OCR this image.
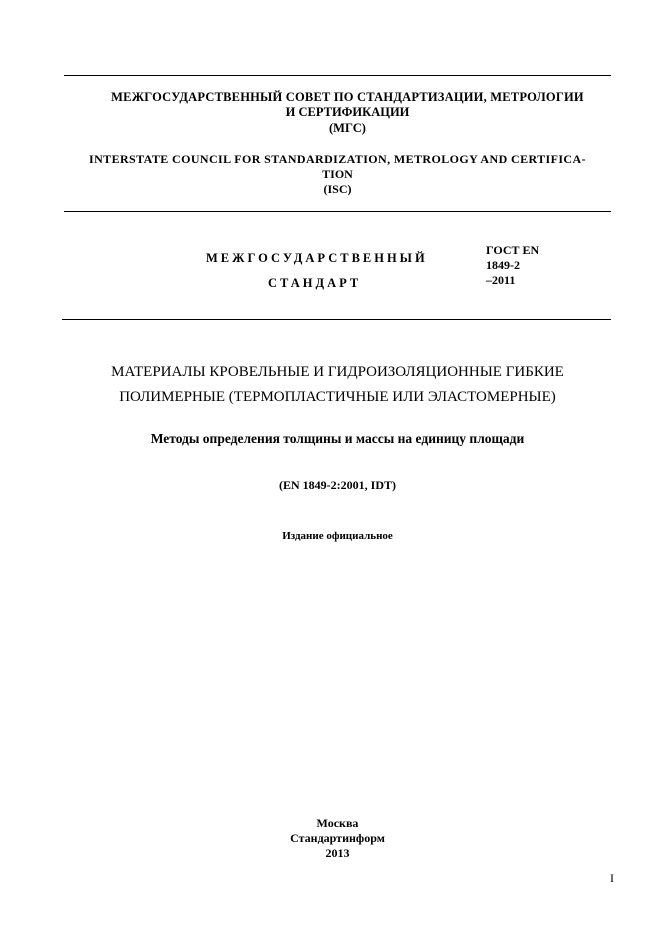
МЕЖГОСУДАРСТВЕННЫЙ СОВЕТ ПО СТАНДАРТИЗАЦИИ, МЕТРОЛОГИИ
И СЕРТИФИКАЦИИ
(МГС)
INTERSTATE COUNCIL FOR STANDARDIZATION, METROLOGY AND CERTIFICA-
TION
(ISC)
МЕЖГОСУДАРСТВЕННЫЙ
СТАНДАРТ
ГОСТ EN
1849-2
–2011
МАТЕРИАЛЫ КРОВЕЛЬНЫЕ И ГИДРОИЗОЛЯЦИОННЫЕ ГИБКИЕ
ПОЛИМЕРНЫЕ (ТЕРМОПЛАСТИЧНЫЕ ИЛИ ЭЛАСТОМЕРНЫЕ)
Методы определения толщины и массы на единицу площади
(EN 1849-2:2001, IDT)
Издание официальное
Москва
Стандартинформ
2013
I
